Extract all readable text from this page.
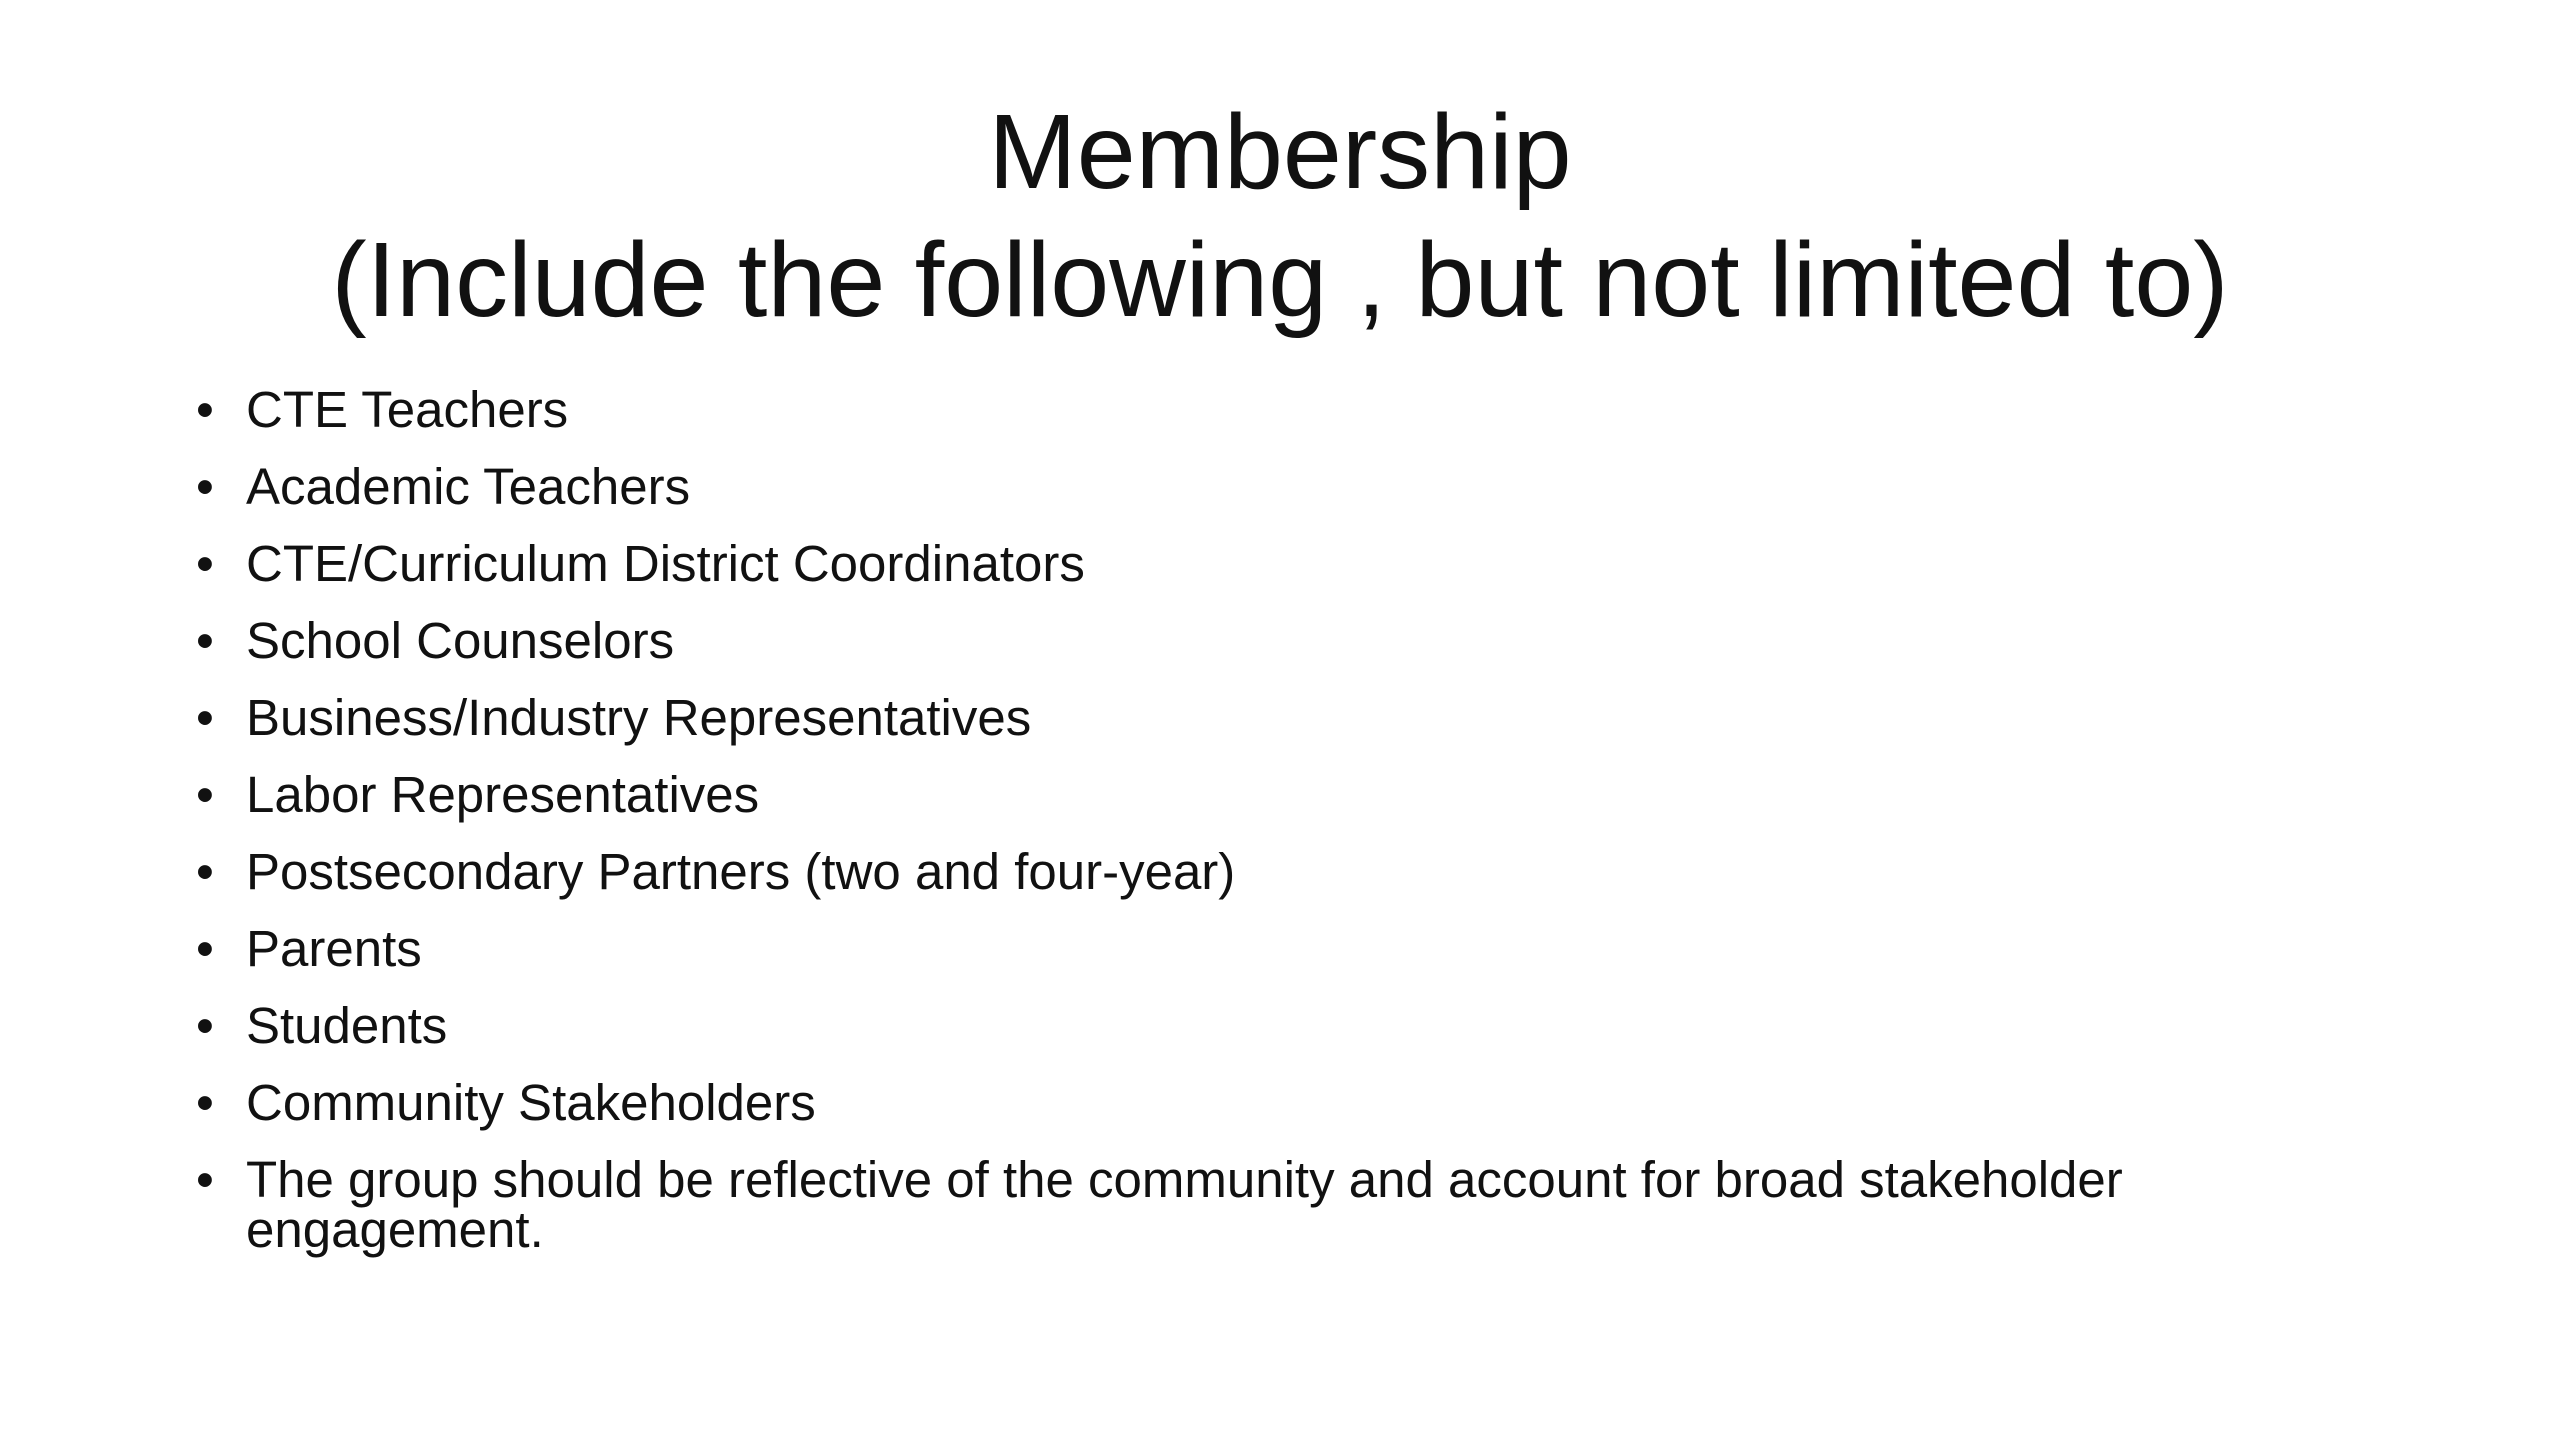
Membership
(Include the following , but not limited to)
• CTE Teachers
• Academic Teachers
• CTE/Curriculum District Coordinators
• School Counselors
• Business/Industry Representatives
• Labor Representatives
• Postsecondary Partners (two and four-year)
• Parents
• Students
• Community Stakeholders
• The group should be reflective of the community and account for broad stakeholder engagement.
